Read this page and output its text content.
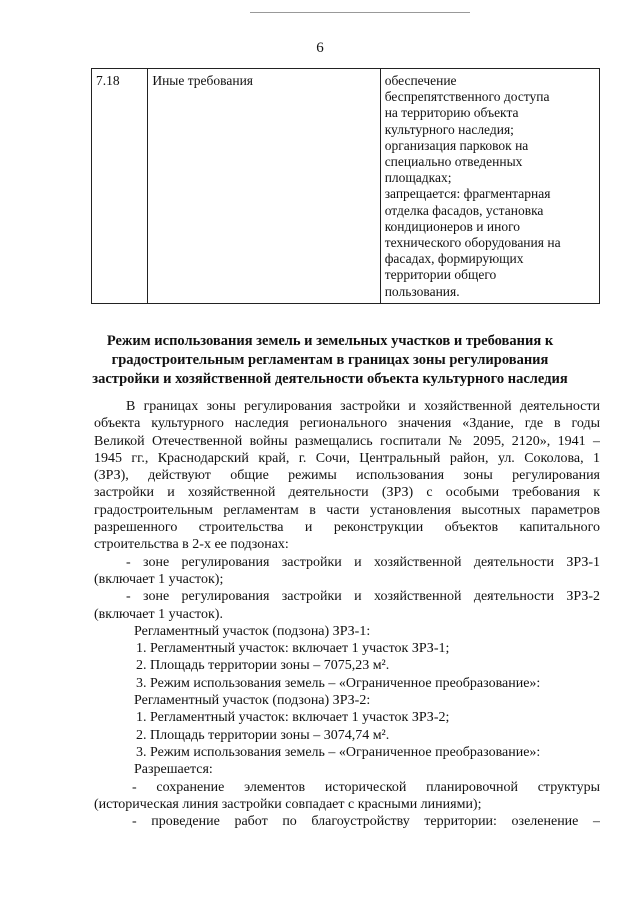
6
7.18	Иные требования	обеспечение
беспрепятственного доступа
на территорию объекта
культурного наследия;
организация парковок на
специально отведенных
площадках;
запрещается: фрагментарная
отделка фасадов, установка
кондиционеров и иного
технического оборудования на
фасадах, формирующих
территории общего
пользования.
Режим использования земель и земельных участков и требования к
градостроительным регламентам в границах зоны регулирования
застройки и хозяйственной деятельности объекта культурного наследия
В границах зоны регулирования застройки и хозяйственной деятельности
объекта культурного наследия регионального значения «Здание, где в годы
Великой Отечественной войны размещались госпитали № 2095, 2120», 1941 –
1945 гг., Краснодарский край, г. Сочи, Центральный район, ул. Соколова, 1
(ЗРЗ), действуют общие режимы использования зоны регулирования
застройки и хозяйственной деятельности (ЗРЗ) с особыми требования к
градостроительным регламентам в части установления высотных параметров
разрешенного строительства и реконструкции объектов капитального
строительства в 2-х ее подзонах:
- зоне регулирования застройки и хозяйственной деятельности ЗРЗ-1
(включает 1 участок);
- зоне регулирования застройки и хозяйственной деятельности ЗРЗ-2
(включает 1 участок).
Регламентный участок (подзона) ЗРЗ-1:
1. Регламентный участок: включает 1 участок ЗРЗ-1;
2. Площадь территории зоны – 7075,23 м².
3. Режим использования земель – «Ограниченное преобразование»:
Регламентный участок (подзона) ЗРЗ-2:
1. Регламентный участок: включает 1 участок ЗРЗ-2;
2. Площадь территории зоны – 3074,74 м².
3. Режим использования земель – «Ограниченное преобразование»:
Разрешается:
- сохранение элементов исторической планировочной структуры
(историческая линия застройки совпадает с красными линиями);
- проведение работ по благоустройству территории: озеленение –
